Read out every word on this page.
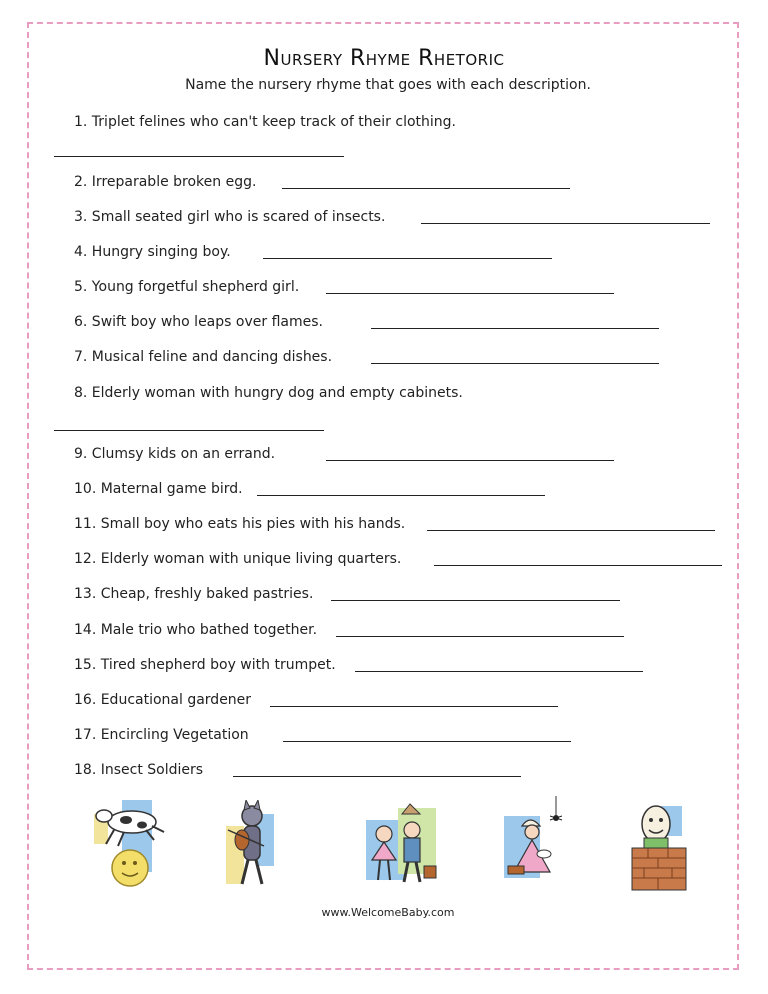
Nursery Rhyme Rhetoric
Name the nursery rhyme that goes with each description.
1. Triplet felines who can't keep track of their clothing.
2. Irreparable broken egg.
3. Small seated girl who is scared of insects.
4. Hungry singing boy.
5. Young forgetful shepherd girl.
6. Swift boy who leaps over flames.
7. Musical feline and dancing dishes.
8. Elderly woman with hungry dog and empty cabinets.
9. Clumsy kids on an errand.
10. Maternal game bird.
11. Small boy who eats his pies with his hands.
12. Elderly woman with unique living quarters.
13. Cheap, freshly baked pastries.
14. Male trio who bathed together.
15. Tired shepherd boy with trumpet.
16. Educational gardener
17. Encircling Vegetation
18. Insect Soldiers
www.WelcomeBaby.com
